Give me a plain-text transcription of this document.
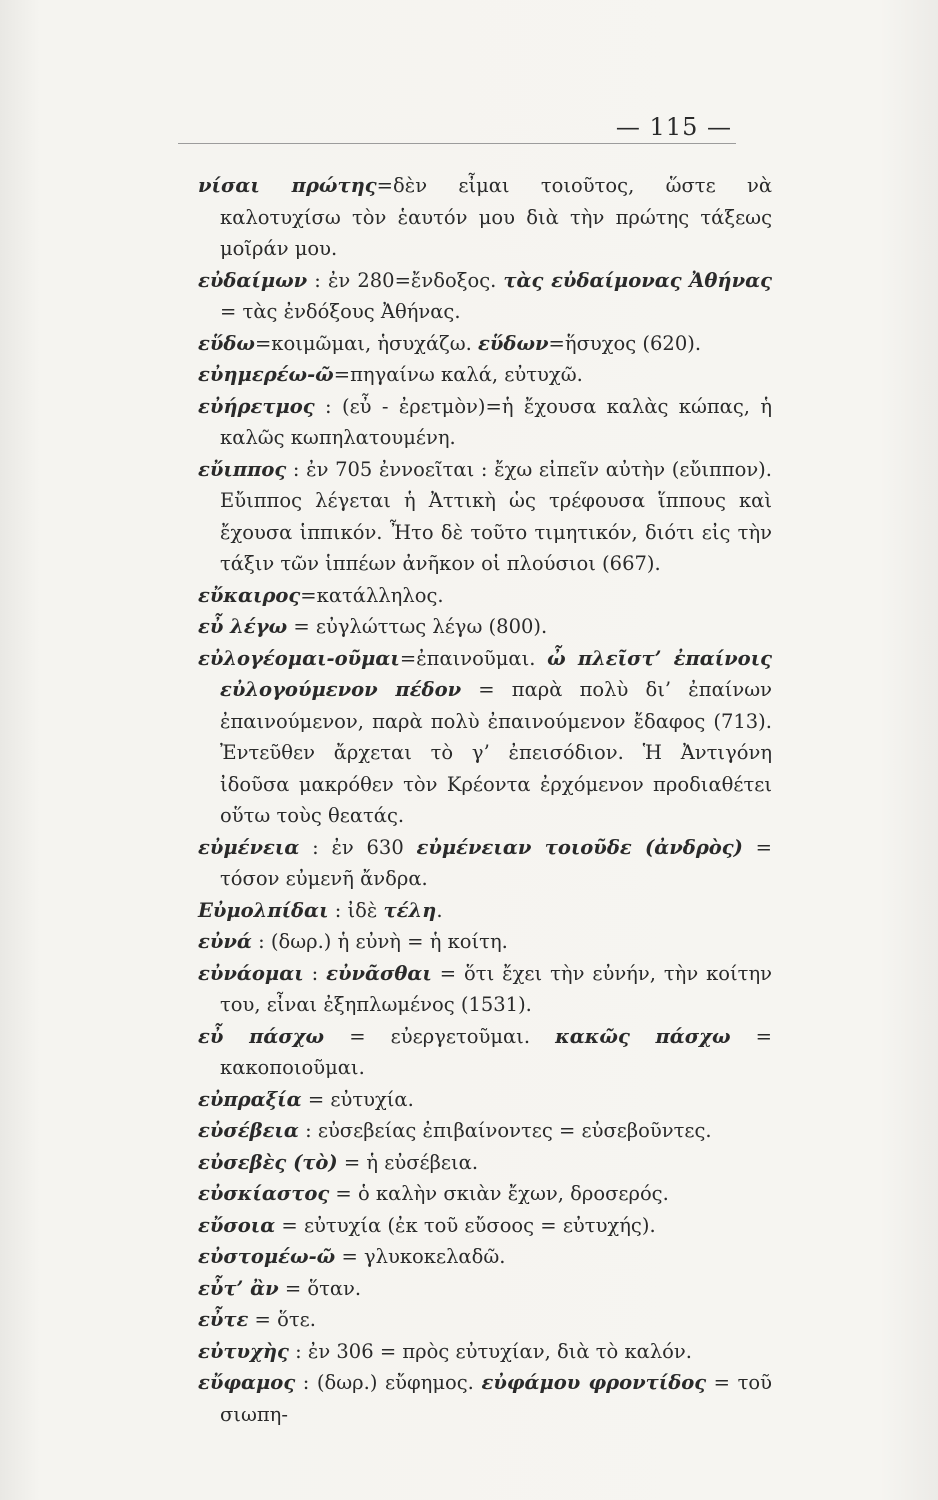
— 115 —
νίσαι πρώτης=δὲν εἶμαι τοιοῦτος, ὥστε νὰ καλοτυχίσω τὸν ἑαυτόν μου διὰ τὴν πρώτης τάξεως μοῖράν μου.
εὐδαίμων : ἐν 280=ἔνδοξος. τὰς εὐδαίμονας Ἀθήνας = τὰς ἐνδόξους Ἀθήνας.
εὕδω=κοιμῶμαι, ἡσυχάζω. εὕδων=ἥσυχος (620).
εὐημερέω-ῶ=πηγαίνω καλά, εὐτυχῶ.
εὐήρετμος : (εὖ - ἐρετμὸν)=ἡ ἔχουσα καλὰς κώπας, ἡ καλῶς κωπηλατουμένη.
εὔιππος : ἐν 705 ἐννοεῖται : ἔχω εἰπεῖν αὐτὴν (εὔιππον). Εὔιππος λέγεται ἡ Ἀττικὴ ὡς τρέφουσα ἵππους καὶ ἔχουσα ἱππικόν. Ἦτο δὲ τοῦτο τιμητικόν, διότι εἰς τὴν τάξιν τῶν ἱππέων ἀνῆκον οἱ πλούσιοι (667).
εὔκαιρος=κατάλληλος.
εὖ λέγω = εὐγλώττως λέγω (800).
εὐλογέομαι-οῦμαι=ἐπαινοῦμαι. ὦ πλεῖστ’ ἐπαίνοις εὐλογούμενον πέδον = παρὰ πολὺ δι’ ἐπαίνων ἐπαινούμενον, παρὰ πολὺ ἐπαινούμενον ἔδαφος (713). Ἐντεῦθεν ἄρχεται τὸ γ’ ἐπεισόδιον. Ἡ Ἀντιγόνη ἰδοῦσα μακρόθεν τὸν Κρέοντα ἐρχόμενον προδιαθέτει οὕτω τοὺς θεατάς.
εὐμένεια : ἐν 630 εὐμένειαν τοιοῦδε (ἀνδρὸς) = τόσον εὐμενῆ ἄνδρα.
Εὐμολπίδαι : ἰδὲ τέλη.
εὐνά : (δωρ.) ἡ εὐνὴ = ἡ κοίτη.
εὐνάομαι : εὐνᾶσθαι = ὅτι ἔχει τὴν εὐνήν, τὴν κοίτην του, εἶναι ἐξηπλωμένος (1531).
εὖ πάσχω = εὐεργετοῦμαι. κακῶς πάσχω = κακοποιοῦμαι.
εὐπραξία = εὐτυχία.
εὐσέβεια : εὐσεβείας ἐπιβαίνοντες = εὐσεβοῦντες.
εὐσεβὲς (τὸ) = ἡ εὐσέβεια.
εὐσκίαστος = ὁ καλὴν σκιὰν ἔχων, δροσερός.
εὔσοια = εὐτυχία (ἐκ τοῦ εὔσοος = εὐτυχής).
εὐστομέω-ῶ = γλυκοκελαδῶ.
εὖτ’ ἂν = ὅταν.
εὖτε = ὅτε.
εὐτυχὴς : ἐν 306 = πρὸς εὐτυχίαν, διὰ τὸ καλόν.
εὔφαμος : (δωρ.) εὔφημος. εὐφάμου φροντίδος = τοῦ σιωπη-
